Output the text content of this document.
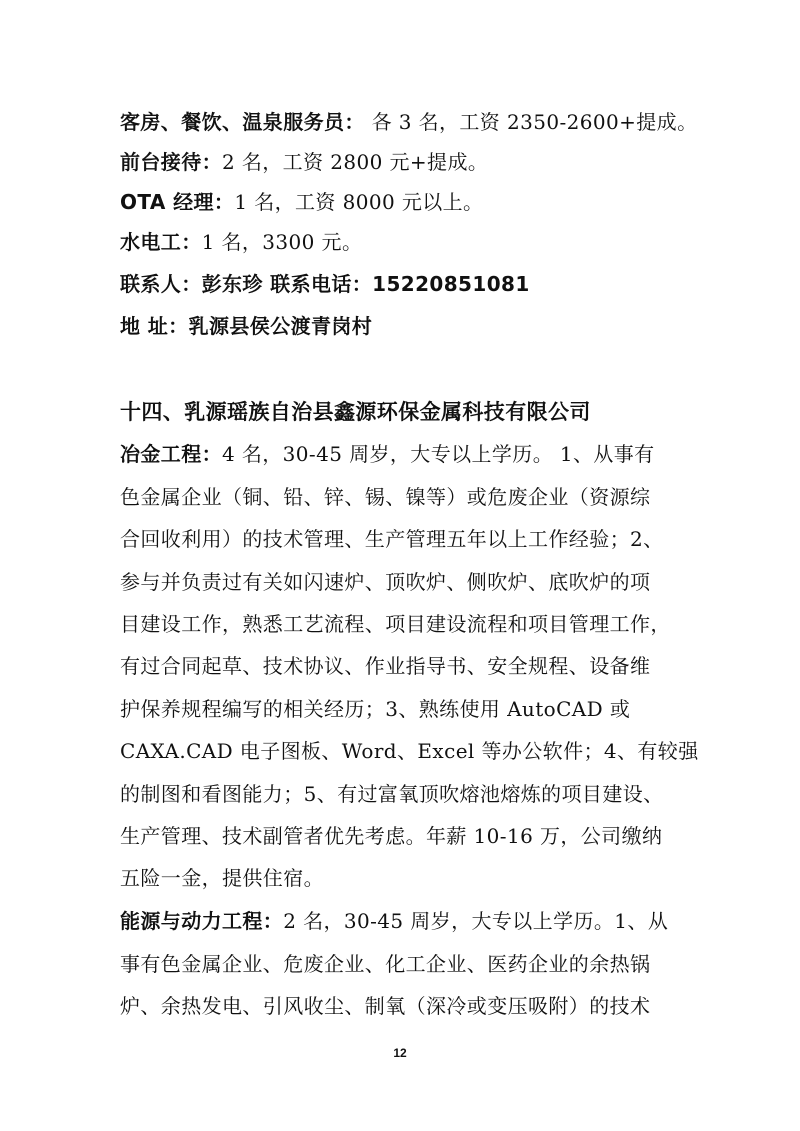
客房、餐饮、温泉服务员： 各 3 名，工资 2350-2600+提成。
前台接待：2 名，工资 2800 元+提成。
OTA 经理：1 名，工资 8000 元以上。
水电工：1 名，3300 元。
联系人：彭东珍 联系电话：15220851081
地 址：乳源县侯公渡青岗村
十四、乳源瑶族自治县鑫源环保金属科技有限公司
冶金工程：4 名，30-45 周岁，大专以上学历。 1、从事有
色金属企业（铜、铅、锌、锡、镍等）或危废企业（资源综
合回收利用）的技术管理、生产管理五年以上工作经验；2、
参与并负责过有关如闪速炉、顶吹炉、侧吹炉、底吹炉的项
目建设工作，熟悉工艺流程、项目建设流程和项目管理工作，
有过合同起草、技术协议、作业指导书、安全规程、设备维
护保养规程编写的相关经历；3、熟练使用 AutoCAD 或
CAXA.CAD 电子图板、Word、Excel 等办公软件；4、有较强
的制图和看图能力；5、有过富氧顶吹熔池熔炼的项目建设、
生产管理、技术副管者优先考虑。年薪 10-16 万，公司缴纳
五险一金，提供住宿。
能源与动力工程：2 名，30-45 周岁，大专以上学历。1、从
事有色金属企业、危废企业、化工企业、医药企业的余热锅
炉、余热发电、引风收尘、制氧（深冷或变压吸附）的技术
12
